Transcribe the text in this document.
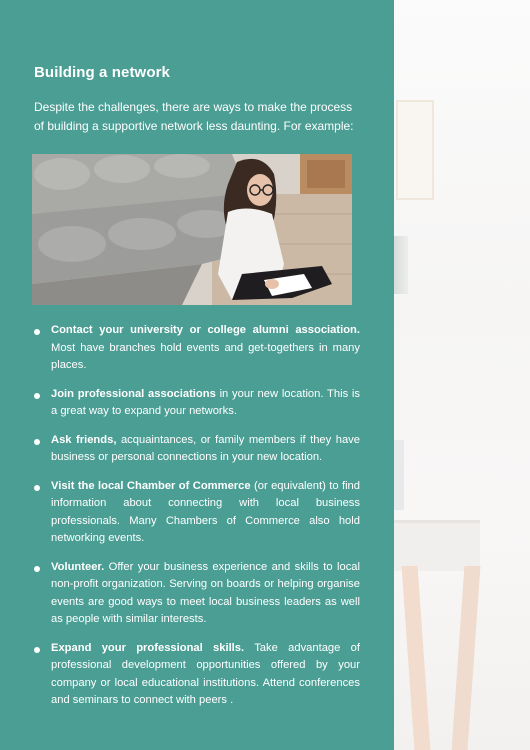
Building a network

Despite the challenges, there are ways to make the process of building a supportive network less daunting. For example:

Contact your university or college alumni association. Most have branches hold events and get-togethers in many places.
Join professional associations in your new location. This is a great way to expand your networks.
Ask friends, acquaintances, or family members if they have business or personal connections in your new location.
Visit the local Chamber of Commerce (or equivalent) to find information about connecting with local business professionals. Many Chambers of Commerce also hold networking events.
Volunteer. Offer your business experience and skills to local non-profit organization. Serving on boards or helping organise events are good ways to meet local business leaders as well as people with similar interests.
Expand your professional skills. Take advantage of professional development opportunities offered by your company or local educational institutions. Attend conferences and seminars to connect with peers .
